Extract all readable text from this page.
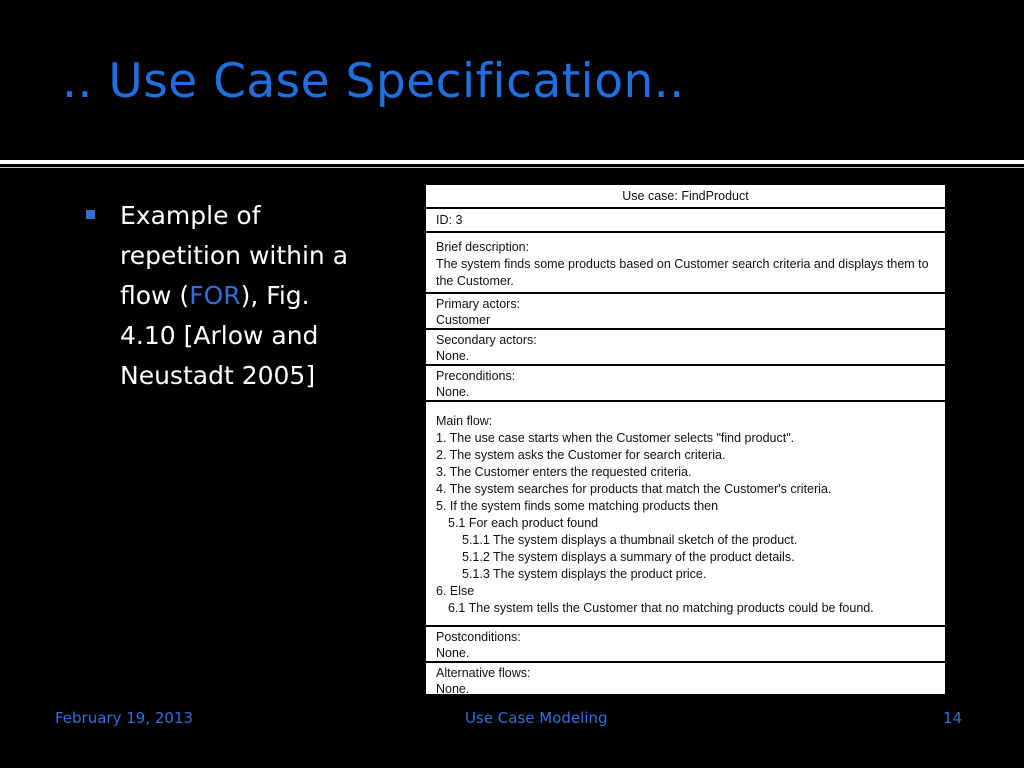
.. Use Case Specification..
Example of repetition within a flow (FOR), Fig. 4.10 [Arlow and Neustadt 2005]
Use case: FindProduct
ID: 3
Brief description:
The system finds some products based on Customer search criteria and displays them to the Customer.
Primary actors:
Customer
Secondary actors:
None.
Preconditions:
None.
Main flow:
1. The use case starts when the Customer selects "find product".
2. The system asks the Customer for search criteria.
3. The Customer enters the requested criteria.
4. The system searches for products that match the Customer's criteria.
5. If the system finds some matching products then
5.1 For each product found
5.1.1 The system displays a thumbnail sketch of the product.
5.1.2 The system displays a summary of the product details.
5.1.3 The system displays the product price.
6. Else
6.1 The system tells the Customer that no matching products could be found.
Postconditions:
None.
Alternative flows:
None.
February 19, 2013	Use Case Modeling	14
